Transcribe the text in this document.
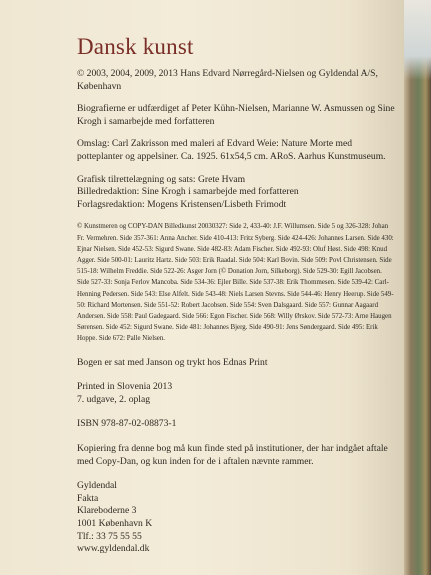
Dansk kunst

© 2003, 2004, 2009, 2013 Hans Edvard Nørregård-Nielsen og Gyldendal A/S, København

Biografierne er udfærdiget af Peter Kühn-Nielsen, Marianne W. Asmussen og Sine Krogh i samarbejde med forfatteren

Omslag: Carl Zakrisson med maleri af Edvard Weie: Nature Morte med potteplanter og appelsiner. Ca. 1925. 61x54,5 cm. ARoS. Aarhus Kunstmuseum.

Grafisk tilrettelægning og sats: Grete Hvam

Billedredaktion: Sine Krogh i samarbejde med forfatteren

Forlagsredaktion: Mogens Kristensen/Lisbeth Frimodt

© Kunstmeren og COPY-DAN Billedkunst 20030327: Side 2, 433-40: J.F. Willumsen. Side 5 og 326-328: Johan Fr. Vermehren. Side 357-361: Anna Ancher. Side 410-413: Fritz Syberg. Side 424-426: Johannes Larsen. Side 430: Ejnar Nielsen. Side 452-53: Sigurd Swane. Side 482-83: Adam Fischer. Side 492-93: Oluf Høst. Side 498: Knud Agger. Side 500-01: Lauritz Hartz. Side 503: Erik Raadal. Side 504: Karl Bovin. Side 509: Povl Christensen. Side 515-18: Wilhelm Freddie. Side 522-26: Asger Jorn (© Donation Jorn, Silkeborg). Side 529-30: Egill Jacobsen. Side 527-33: Sonja Ferlov Mancoba. Side 534-36: Ejler Bille. Side 537-38: Erik Thommesen. Side 539-42: Carl-Henning Pedersen. Side 543: Else Alfelt. Side 543-48: Niels Larsen Stevns. Side 544-46: Henry Heerup. Side 549-50: Richard Mortensen. Side 551-52: Robert Jacobsen. Side 554: Sven Dalsgaard. Side 557: Gunnar Aagaard Andersen. Side 558: Paul Gadegaard. Side 566: Egon Fischer. Side 568: Willy Ørskov. Side 572-73: Arne Haugen Sørensen. Side 452: Sigurd Swane. Side 481: Johannes Bjerg. Side 490-91: Jens Søndergaard. Side 495: Erik Hoppe. Side 672: Palle Nielsen.

Bogen er sat med Janson og trykt hos Ednas Print

Printed in Slovenia 2013

7. udgave, 2. oplag

ISBN 978-87-02-08873-1

Kopiering fra denne bog må kun finde sted på institutioner, der har indgået aftale med Copy-Dan, og kun inden for de i aftalen nævnte rammer.

Gyldendal

Fakta

Klareboderne 3

1001 København K

Tlf.: 33 75 55 55

www.gyldendal.dk
